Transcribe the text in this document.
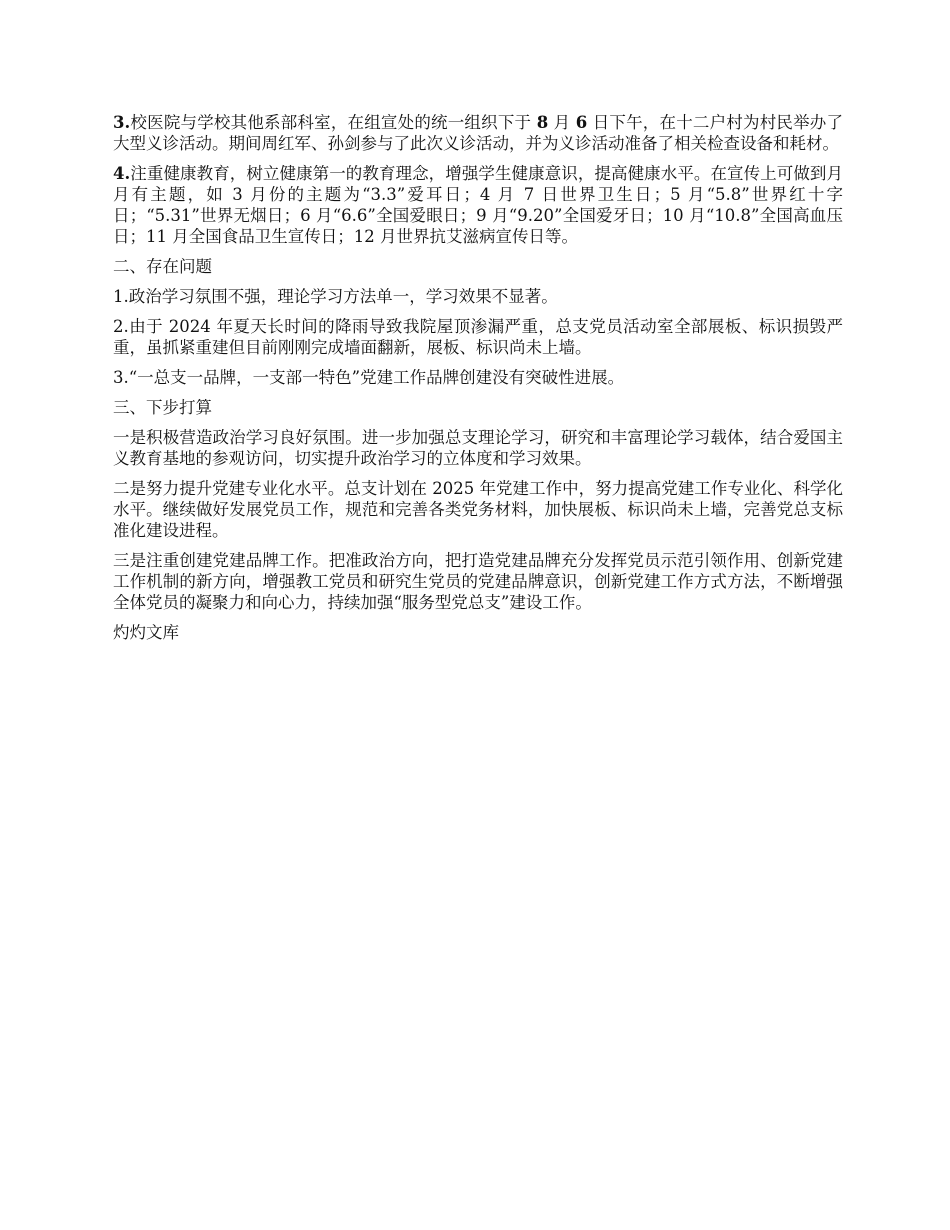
3.校医院与学校其他系部科室，在组宣处的统一组织下于 8 月 6 日下午，在十二户村为村民举办了大型义诊活动。期间周红军、孙剑参与了此次义诊活动，并为义诊活动准备了相关检查设备和耗材。

4.注重健康教育，树立健康第一的教育理念，增强学生健康意识，提高健康水平。在宣传上可做到月月有主题，如 3 月份的主题为“3.3”爱耳日；4 月 7 日世界卫生日；5 月“5.8”世界红十字日；“5.31”世界无烟日；6 月“6.6”全国爱眼日；9 月“9.20”全国爱牙日；10 月“10.8”全国高血压日；11 月全国食品卫生宣传日；12 月世界抗艾滋病宣传日等。

二、存在问题

1.政治学习氛围不强，理论学习方法单一，学习效果不显著。

2.由于 2024 年夏天长时间的降雨导致我院屋顶渗漏严重，总支党员活动室全部展板、标识损毁严重，虽抓紧重建但目前刚刚完成墙面翻新，展板、标识尚未上墙。

3.“一总支一品牌，一支部一特色”党建工作品牌创建没有突破性进展。

三、下步打算

一是积极营造政治学习良好氛围。进一步加强总支理论学习，研究和丰富理论学习载体，结合爱国主义教育基地的参观访问，切实提升政治学习的立体度和学习效果。

二是努力提升党建专业化水平。总支计划在 2025 年党建工作中，努力提高党建工作专业化、科学化水平。继续做好发展党员工作，规范和完善各类党务材料，加快展板、标识尚未上墙，完善党总支标准化建设进程。

三是注重创建党建品牌工作。把准政治方向，把打造党建品牌充分发挥党员示范引领作用、创新党建工作机制的新方向，增强教工党员和研究生党员的党建品牌意识，创新党建工作方式方法，不断增强全体党员的凝聚力和向心力，持续加强“服务型党总支”建设工作。

灼灼文库
